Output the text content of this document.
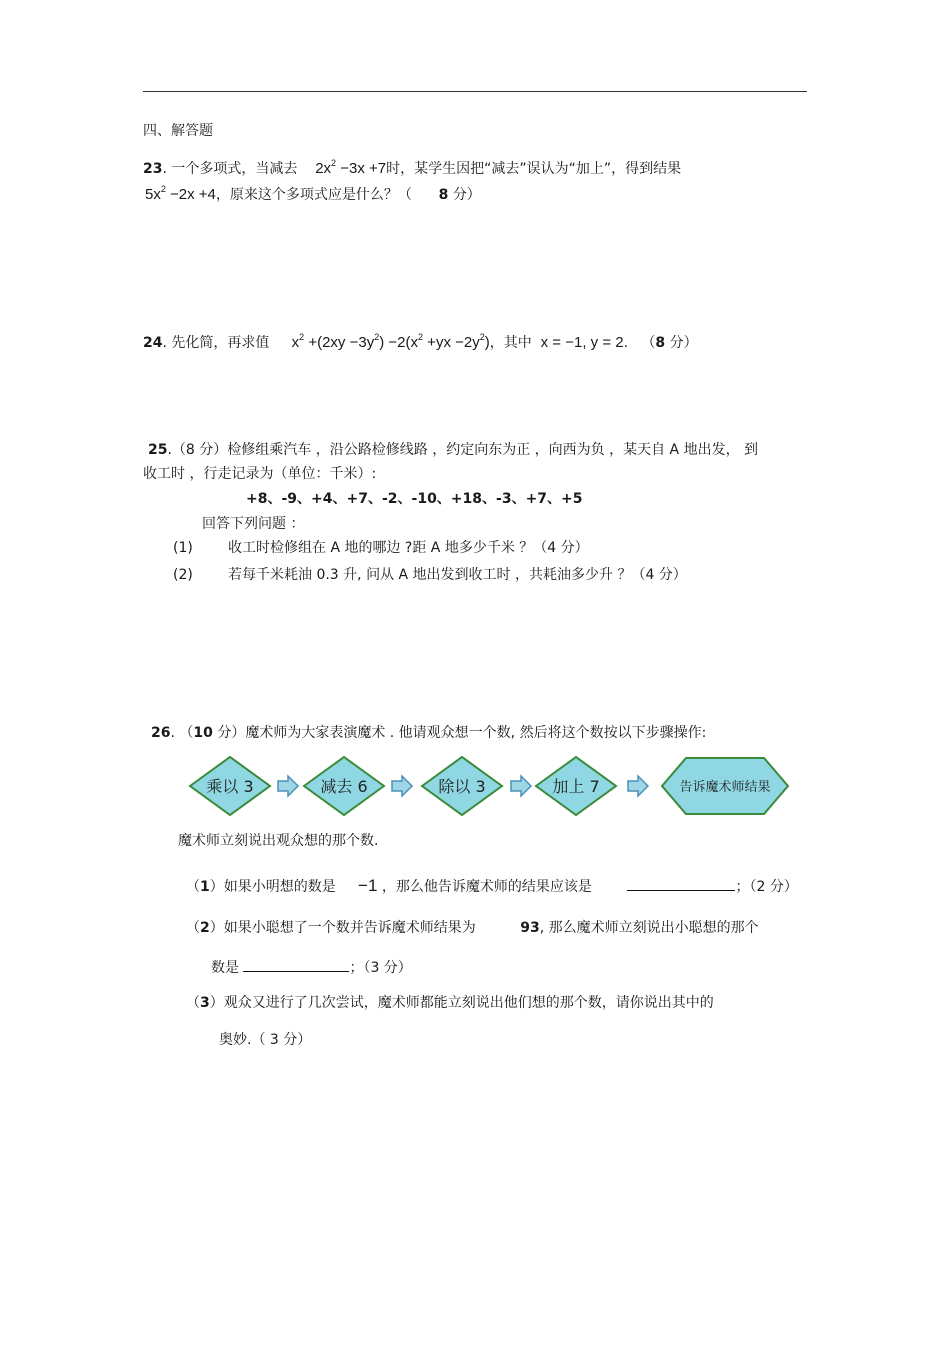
四、解答题
23. 一个多项式，当减去 $2x^2 -3x +7$时，某学生因把“减去”误认为“加上”，得到结果
$5x^2 -2x +4$，原来这个多项式应是什么？（ 8 分）
24. 先化简，再求值 $x^2 +(2xy -3y^2) -2(x^2 +yx -2y^2)$，其中 x = −1, y = 2. （8 分）
25.（8 分）检修组乘汽车 ，沿公路检修线路 ，约定向东为正 ，向西为负 ，某天自 A 地出发， 到
收工时 ，行走记录为（单位：千米）:
+8、-9、+4、+7、-2、-10、+18、-3、+7、+5
回答下列问题 ：
(1)	收工时检修组在 A 地的哪边 ?距 A 地多少千米 ？（4 分）
(2)	若每千米耗油 0.3 升, 问从 A 地出发到收工时 ，共耗油多少升 ？（4 分）
26. （10 分）魔术师为大家表演魔术 . 他请观众想一个数, 然后将这个数按以下步骤操作:
乘以 3	减去 6	除以 3	加上 7	告诉魔术师结果
魔术师立刻说出观众想的那个数.
（1）如果小明想的数是 −1 ，那么他告诉魔术师的结果应该是	；（2 分）
（2）如果小聪想了一个数并告诉魔术师结果为	93, 那么魔术师立刻说出小聪想的那个
数是	；（3 分）
（3）观众又进行了几次尝试，魔术师都能立刻说出他们想的那个数，请你说出其中的
奥妙.（ 3 分）
